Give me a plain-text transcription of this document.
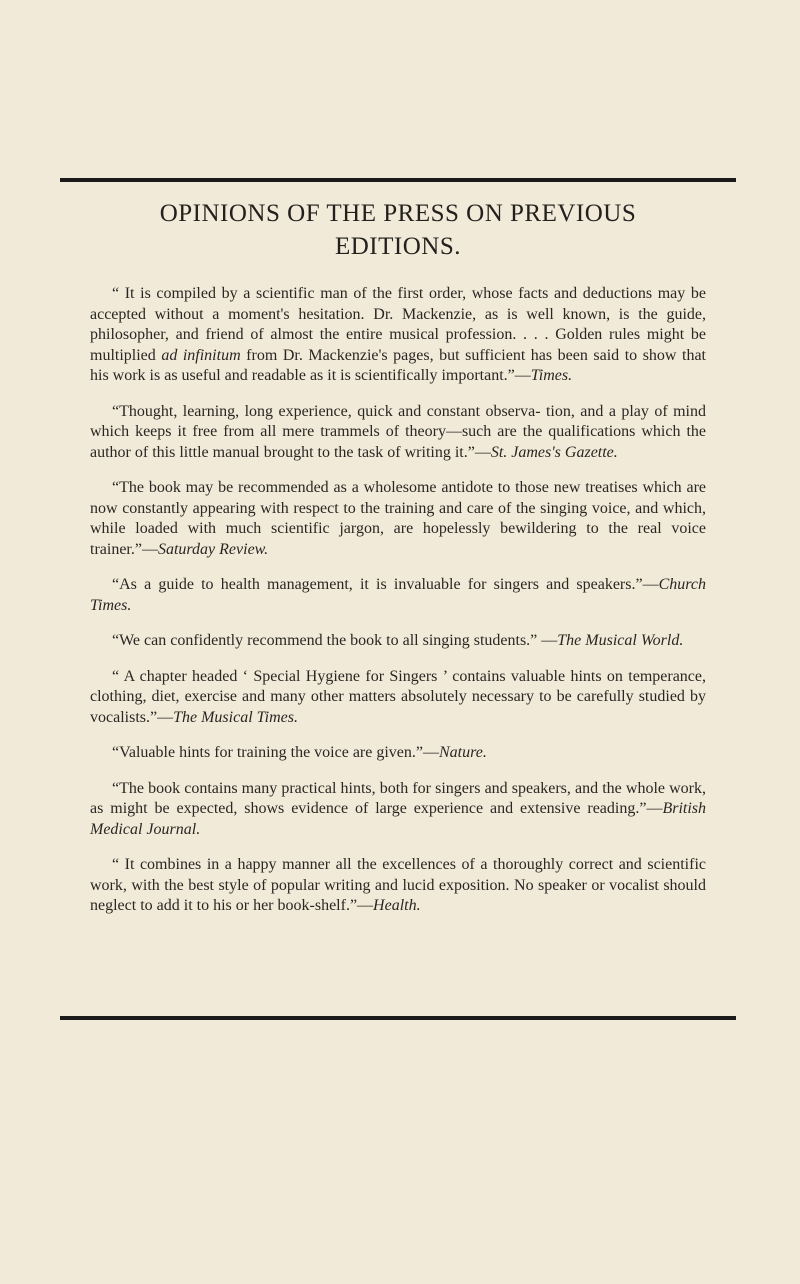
OPINIONS OF THE PRESS ON PREVIOUS
EDITIONS.

“ It is compiled by a scientific man of the first order, whose facts and deductions may be accepted without a moment's hesitation. Dr. Mackenzie, as is well known, is the guide, philosopher, and friend of almost the entire musical profession. . . . Golden rules might be multiplied ad infinitum from Dr. Mackenzie's pages, but sufficient has been said to show that his work is as useful and readable as it is scientifically important.”—Times.

“Thought, learning, long experience, quick and constant observa- tion, and a play of mind which keeps it free from all mere trammels of theory—such are the qualifications which the author of this little manual brought to the task of writing it.”—St. James's Gazette.

“The book may be recommended as a wholesome antidote to those new treatises which are now constantly appearing with respect to the training and care of the singing voice, and which, while loaded with much scientific jargon, are hopelessly bewildering to the real voice trainer.”—Saturday Review.

“As a guide to health management, it is invaluable for singers and speakers.”—Church Times.

“We can confidently recommend the book to all singing students.” —The Musical World.

“ A chapter headed ‘ Special Hygiene for Singers ’ contains valuable hints on temperance, clothing, diet, exercise and many other matters absolutely necessary to be carefully studied by vocalists.”—The Musical Times.

“Valuable hints for training the voice are given.”—Nature.

“The book contains many practical hints, both for singers and speakers, and the whole work, as might be expected, shows evidence of large experience and extensive reading.”—British Medical Journal.

“ It combines in a happy manner all the excellences of a thoroughly correct and scientific work, with the best style of popular writing and lucid exposition. No speaker or vocalist should neglect to add it to his or her book-shelf.”—Health.
